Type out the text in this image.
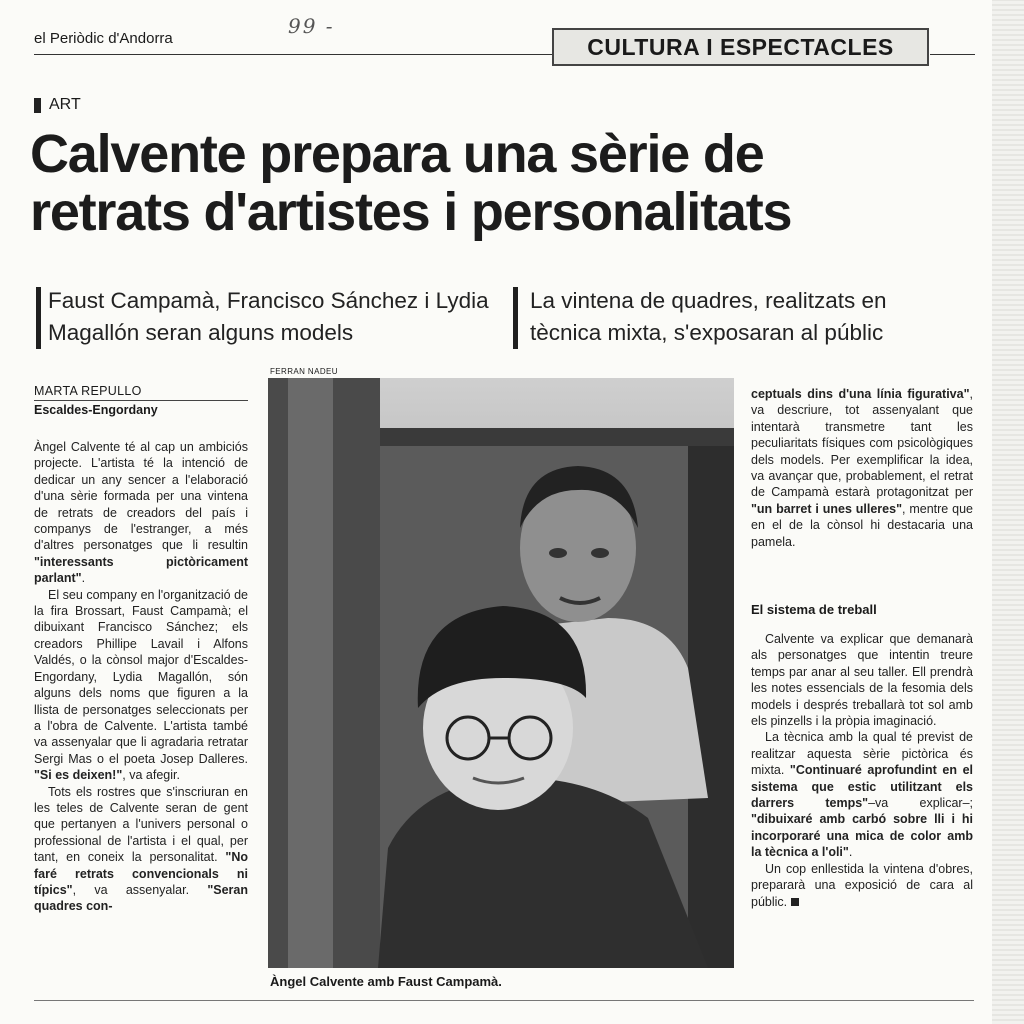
el Periòdic d'Andorra
99 -
CULTURA I ESPECTACLES
ART
Calvente prepara una sèrie de retrats d'artistes i personalitats
Faust Campamà, Francisco Sánchez i Lydia Magallón seran alguns models
La vintena de quadres, realitzats en tècnica mixta, s'exposaran al públic
MARTA REPULLO
Escaldes-Engordany

Àngel Calvente té al cap un ambiciós projecte. L'artista té la intenció de dedicar un any sencer a l'elaboració d'una sèrie formada per una vintena de retrats de creadors del país i companys de l'estranger, a més d'altres personatges que li resultin "interessants pictòricament parlant".

El seu company en l'organització de la fira Brossart, Faust Campamà; el dibuixant Francisco Sánchez; els creadors Phillipe Lavail i Alfons Valdés, o la cònsol major d'Escaldes-Engordany, Lydia Magallón, són alguns dels noms que figuren a la llista de personatges seleccionats per a l'obra de Calvente. L'artista també va assenyalar que li agradaria retratar Sergi Mas o el poeta Josep Dalleres. "Si es deixen!", va afegir.

Tots els rostres que s'inscriuran en les teles de Calvente seran de gent que pertanyen a l'univers personal o professional de l'artista i el qual, per tant, en coneix la personalitat. "No faré retrats convencionals ni típics", va assenyalar. "Seran quadres con-

FERRAN NADEU
Àngel Calvente amb Faust Campamà.

ceptuals dins d'una línia figurativa", va descriure, tot assenyalant que intentarà transmetre tant les peculiaritats físiques com psicològiques dels models. Per exemplificar la idea, va avançar que, probablement, el retrat de Campamà estarà protagonitzat per "un barret i unes ulleres", mentre que en el de la cònsol hi destacaria una pamela.

El sistema de treball

Calvente va explicar que demanarà als personatges que intentin treure temps par anar al seu taller. Ell prendrà les notes essencials de la fesomia dels models i després treballarà tot sol amb els pinzells i la pròpia imaginació.

La tècnica amb la qual té previst de realitzar aquesta sèrie pictòrica és mixta. "Continuaré aprofundint en el sistema que estic utilitzant els darrers temps"–va explicar–; "dibuixaré amb carbó sobre lli i hi incorporaré una mica de color amb la tècnica a l'oli".

Un cop enllestida la vintena d'obres, prepararà una exposició de cara al públic.
